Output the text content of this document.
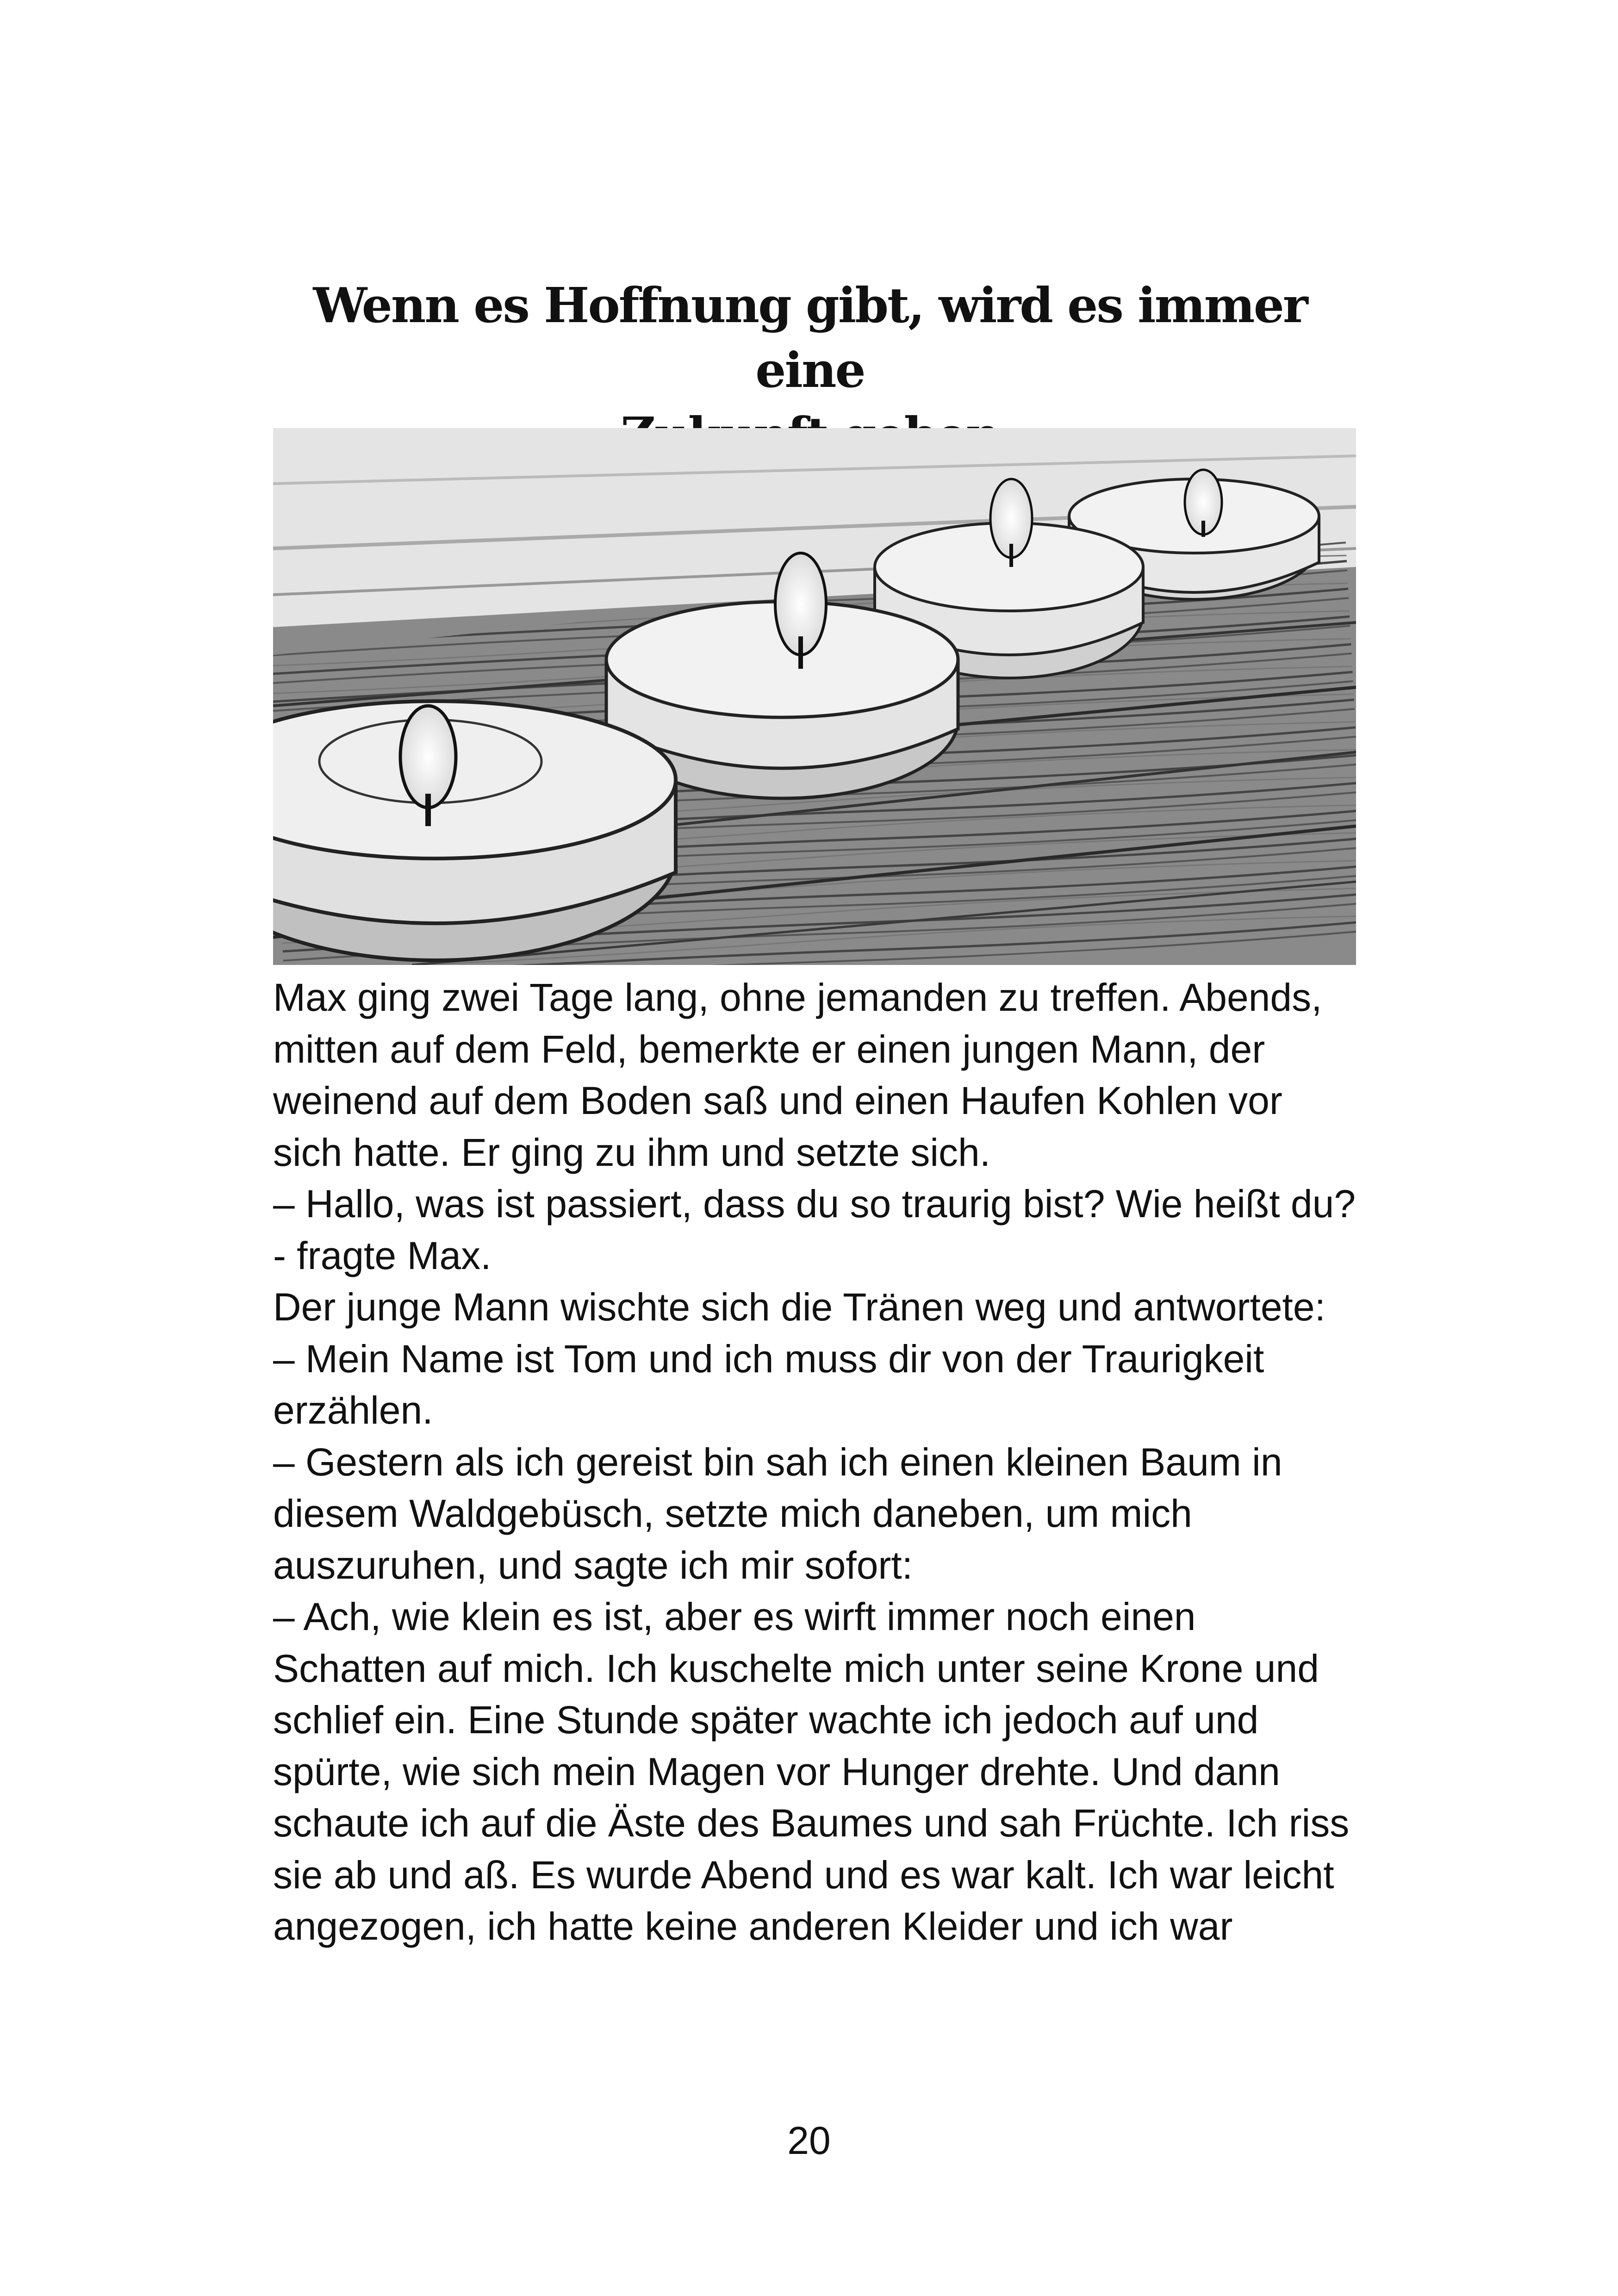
Wenn es Hoffnung gibt, wird es immer eine
Max ging zwei Tage lang, ohne jemanden zu treffen. Abends,
mitten auf dem Feld, bemerkte er einen jungen Mann, der
weinend auf dem Boden saß und einen Haufen Kohlen vor
sich hatte. Er ging zu ihm und setzte sich.
– Hallo, was ist passiert, dass du so traurig bist? Wie heißt du?
- fragte Max.
Der junge Mann wischte sich die Tränen weg und antwortete:
– Mein Name ist Tom und ich muss dir von der Traurigkeit
erzählen.
– Gestern als ich gereist bin sah ich einen kleinen Baum in
diesem Waldgebüsch, setzte mich daneben, um mich
auszuruhen, und sagte ich mir sofort:
– Ach, wie klein es ist, aber es wirft immer noch einen
Schatten auf mich. Ich kuschelte mich unter seine Krone und
schlief ein. Eine Stunde später wachte ich jedoch auf und
spürte, wie sich mein Magen vor Hunger drehte. Und dann
schaute ich auf die Äste des Baumes und sah Früchte. Ich riss
sie ab und aß. Es wurde Abend und es war kalt. Ich war leicht
angezogen, ich hatte keine anderen Kleider und ich war
20
